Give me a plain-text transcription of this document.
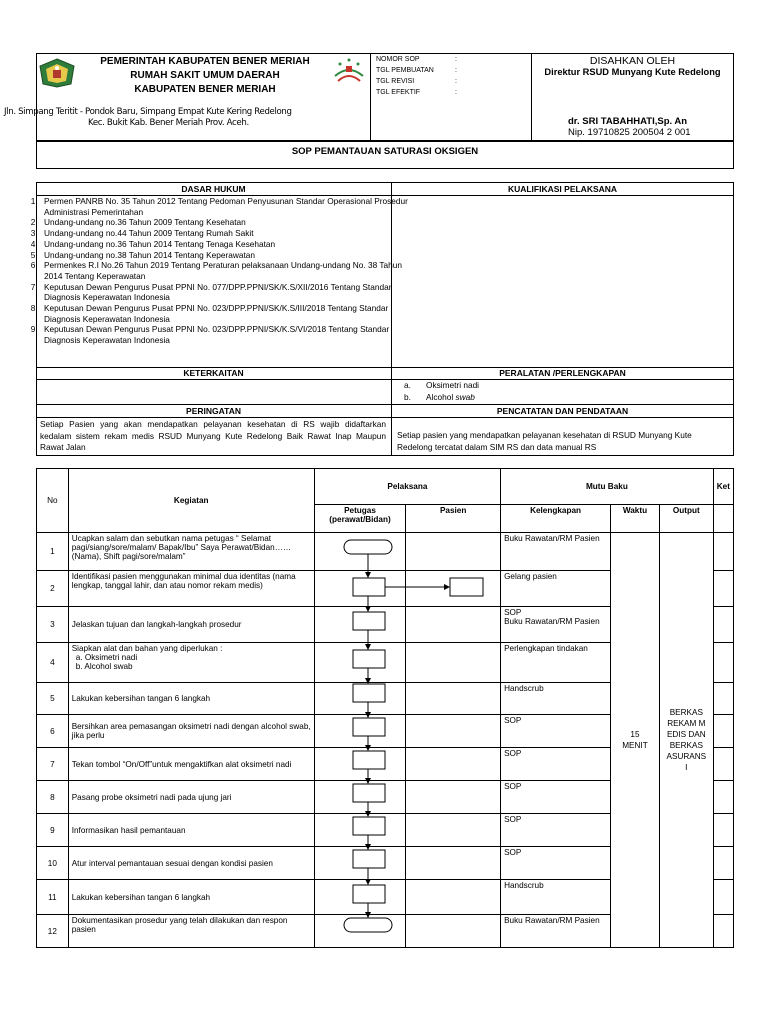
PEMERINTAH KABUPATEN BENER MERIAH
RUMAH SAKIT UMUM DAERAH
KABUPATEN BENER MERIAH
Jln. Simpang Teritit - Pondok Baru, Simpang Empat Kute Kering Redelong
Kec. Bukit Kab. Bener Meriah Prov. Aceh.
NOMOR SOP	:
TGL PEMBUATAN	:
TGL REVISI	:
TGL EFEKTIF	:
DISAHKAN OLEH
Direktur RSUD Munyang Kute Redelong
dr. SRI TABAHHATI,Sp. An
Nip. 19710825 200504 2 001
SOP PEMANTAUAN SATURASI OKSIGEN
DASAR HUKUM	KUALIFIKASI PELAKSANA
1. Permen PANRB No. 35 Tahun 2012 Tentang Pedoman Penyusunan Standar Operasional Prosedur Administrasi Pemerintahan
2. Undang-undang no.36 Tahun 2009 Tentang Kesehatan
3. Undang-undang no.44 Tahun 2009 Tentang Rumah Sakit
4. Undang-undang no.36 Tahun 2014 Tentang Tenaga Kesehatan
5. Undang-undang no.38 Tahun 2014 Tentang Keperawatan
6. Permenkes R.I No.26 Tahun 2019 Tentang Peraturan pelaksanaan Undang-undang No. 38 Tahun 2014 Tentang Keperawatan
7. Keputusan Dewan Pengurus Pusat PPNI No. 077/DPP.PPNI/SK/K.S/XII/2016 Tentang Standar Diagnosis Keperawatan Indonesia
8. Keputusan Dewan Pengurus Pusat PPNI No. 023/DPP.PPNI/SK/K.S/III/2018 Tentang Standar Diagnosis Keperawatan Indonesia
9. Keputusan Dewan Pengurus Pusat PPNI No. 023/DPP.PPNI/SK/K.S/VI/2018 Tentang Standar Diagnosis Keperawatan Indonesia
KETERKAITAN	PERALATAN /PERLENGKAPAN
a. Oksimetri nadi
b. Alcohol swab
PERINGATAN	PENCATATAN DAN PENDATAAN
Setiap Pasien yang akan mendapatkan pelayanan kesehatan di RS wajib didaftarkan kedalam sistem rekam medis RSUD Munyang Kute Redelong Baik Rawat Inap Maupun Rawat Jalan
Setiap pasien yang mendapatkan pelayanan kesehatan di RSUD Munyang Kute Redelong tercatat dalam SIM RS dan data manual RS
No	Kegiatan	Pelaksana		Mutu Baku			Ket
		Petugas (perawat/Bidan)	Pasien	Kelengkapan	Waktu	Output	
1	Ucapkan salam dan sebutkan nama petugas “ Selamat pagi/siang/sore/malam/ Bapak/Ibu” Saya Perawat/Bidan…… (Nama), Shift pagi/sore/malam”			Buku Rawatan/RM Pasien	15 MENIT	BERKAS REKAM MEDIS DAN BERKAS ASURANSI	

2	Identifikasi pasien menggunakan minimal dua identitas (nama lengkap, tanggal lahir, dan atau nomor rekam medis)			Gelang pasien			
3	Jelaskan tujuan dan langkah-langkah prosedur			SOP
Buku Rawatan/RM Pasien			
4	Siapkan alat dan bahan yang diperlukan :
a. Oksimetri nadi
b. Alcohol swab			Perlengkapan tindakan			
5	Lakukan kebersihan tangan 6 langkah			Handscrub			
6	Bersihkan area pemasangan oksimetri nadi dengan alcohol swab, jika perlu			SOP			
7	Tekan tombol “On/Off”untuk mengaktifkan alat oksimetri nadi			SOP			
8	Pasang probe oksimetri nadi pada ujung jari			SOP			
9	Informasikan hasil pemantauan			SOP			
10	Atur interval pemantauan sesuai dengan kondisi pasien			SOP			
11	Lakukan kebersihan tangan 6 langkah			Handscrub			
12	Dokumentasikan prosedur yang telah dilakukan dan respon pasien			Buku Rawatan/RM Pasien			
